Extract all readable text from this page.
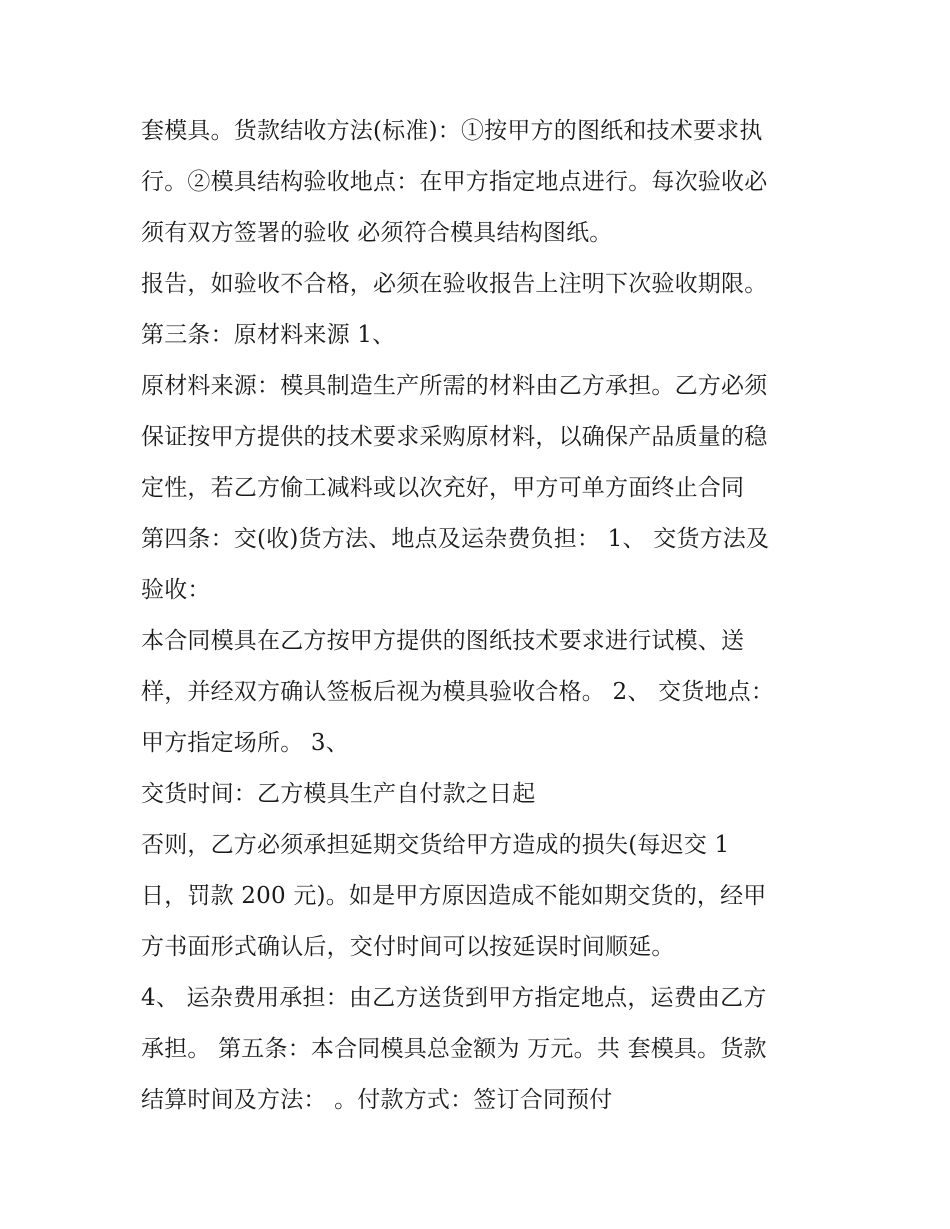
套模具。货款结收方法(标准)：①按甲方的图纸和技术要求执

行。②模具结构验收地点：在甲方指定地点进行。每次验收必

须有双方签署的验收 必须符合模具结构图纸。

报告，如验收不合格，必须在验收报告上注明下次验收期限。

第三条：原材料来源 1、

原材料来源：模具制造生产所需的材料由乙方承担。乙方必须

保证按甲方提供的技术要求采购原材料，以确保产品质量的稳

定性，若乙方偷工减料或以次充好，甲方可单方面终止合同

第四条：交(收)货方法、地点及运杂费负担： 1、 交货方法及

验收：

本合同模具在乙方按甲方提供的图纸技术要求进行试模、送

样，并经双方确认签板后视为模具验收合格。 2、 交货地点：

甲方指定场所。 3、

交货时间：乙方模具生产自付款之日起

否则，乙方必须承担延期交货给甲方造成的损失(每迟交 1

日，罚款 200 元)。如是甲方原因造成不能如期交货的，经甲

方书面形式确认后，交付时间可以按延误时间顺延。

4、 运杂费用承担：由乙方送货到甲方指定地点，运费由乙方

承担。 第五条：本合同模具总金额为 万元。共 套模具。货款

结算时间及方法： 。付款方式：签订合同预付
